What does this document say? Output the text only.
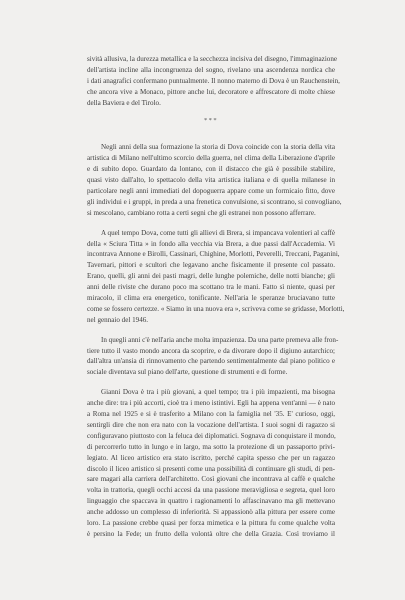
sività allusiva, la durezza metallica e la secchezza incisiva del disegno, l'immaginazione
dell'artista incline alla incongruenza del sogno, rivelano una ascendenza nordica che
i dati anagrafici confermano puntualmente. Il nonno materno di Dova è un Rauchenstein,
che ancora vive a Monaco, pittore anche lui, decoratore e affrescatore di molte chiese
della Baviera e del Tirolo.
***
Negli anni della sua formazione la storia di Dova coincide con la storia della vita
artistica di Milano nell'ultimo scorcio della guerra, nel clima della Liberazione d'aprile
e di subito dopo. Guardato da lontano, con il distacco che già è possibile stabilire,
quasi visto dall'alto, lo spettacolo della vita artistica italiana e di quella milanese in
particolare negli anni immediati del dopoguerra appare come un formicaio fitto, dove
gli individui e i gruppi, in preda a una frenetica convulsione, si scontrano, si convogliano,
si mescolano, cambiano rotta a certi segni che gli estranei non possono afferrare.
A quel tempo Dova, come tutti gli allievi di Brera, si impancava volentieri al caffè
della « Sciura Titta » in fondo alla vecchia via Brera, a due passi dall'Accademia. Vi
incontrava Annone e Birolli, Cassinari, Chighine, Morlotti, Peverelli, Treccani, Paganini,
Tavernari, pittori e scultori che legavano anche fisicamente il presente col passato.
Erano, quelli, gli anni dei pasti magri, delle lunghe polemiche, delle notti bianche; gli
anni delle riviste che durano poco ma scottano tra le mani. Fatto sì niente, quasi per
miracolo, il clima era energetico, tonificante. Nell'aria le speranze bruciavano tutte
come se fossero certezze. « Siamo in una nuova era », scriveva come se gridasse, Morlotti,
nel gennaio del 1946.
In quegli anni c'è nell'aria anche molta impazienza. Da una parte premeva alle fron-
tiere tutto il vasto mondo ancora da scoprire, e da divorare dopo il digiuno autarchico;
dall'altra un'ansia di rinnovamento che partendo sentimentalmente dal piano politico e
sociale diventava sul piano dell'arte, questione di strumenti e di forme.
Gianni Dova è tra i più giovani, a quel tempo; tra i più impazienti, ma bisogna
anche dire: tra i più accorti, cioè tra i meno istintivi. Egli ha appena vent'anni — è nato
a Roma nel 1925 e si è trasferito a Milano con la famiglia nel '35. E' curioso, oggi,
sentirgli dire che non era nato con la vocazione dell'artista. I suoi sogni di ragazzo si
configuravano piuttosto con la feluca dei diplomatici. Sognava di conquistare il mondo,
di percorrerlo tutto in lungo e in largo, ma sotto la protezione di un passaporto privi-
legiato. Al liceo artistico era stato iscritto, perché capita spesso che per un ragazzo
discolo il liceo artistico si presenti come una possibilità di continuare gli studi, di pen-
sare magari alla carriera dell'architetto. Così giovani che incontrava al caffè e qualche
volta in trattoria, quegli occhi accesi da una passione meravigliosa e segreta, quel loro
linguaggio che spaccava in quattro i ragionamenti lo affascinavano ma gli mettevano
anche addosso un complesso di inferiorità. Si appassionò alla pittura per essere come
loro. La passione crebbe quasi per forza mimetica e la pittura fu come qualche volta
è persino la Fede; un frutto della volontà oltre che della Grazia. Così troviamo il
